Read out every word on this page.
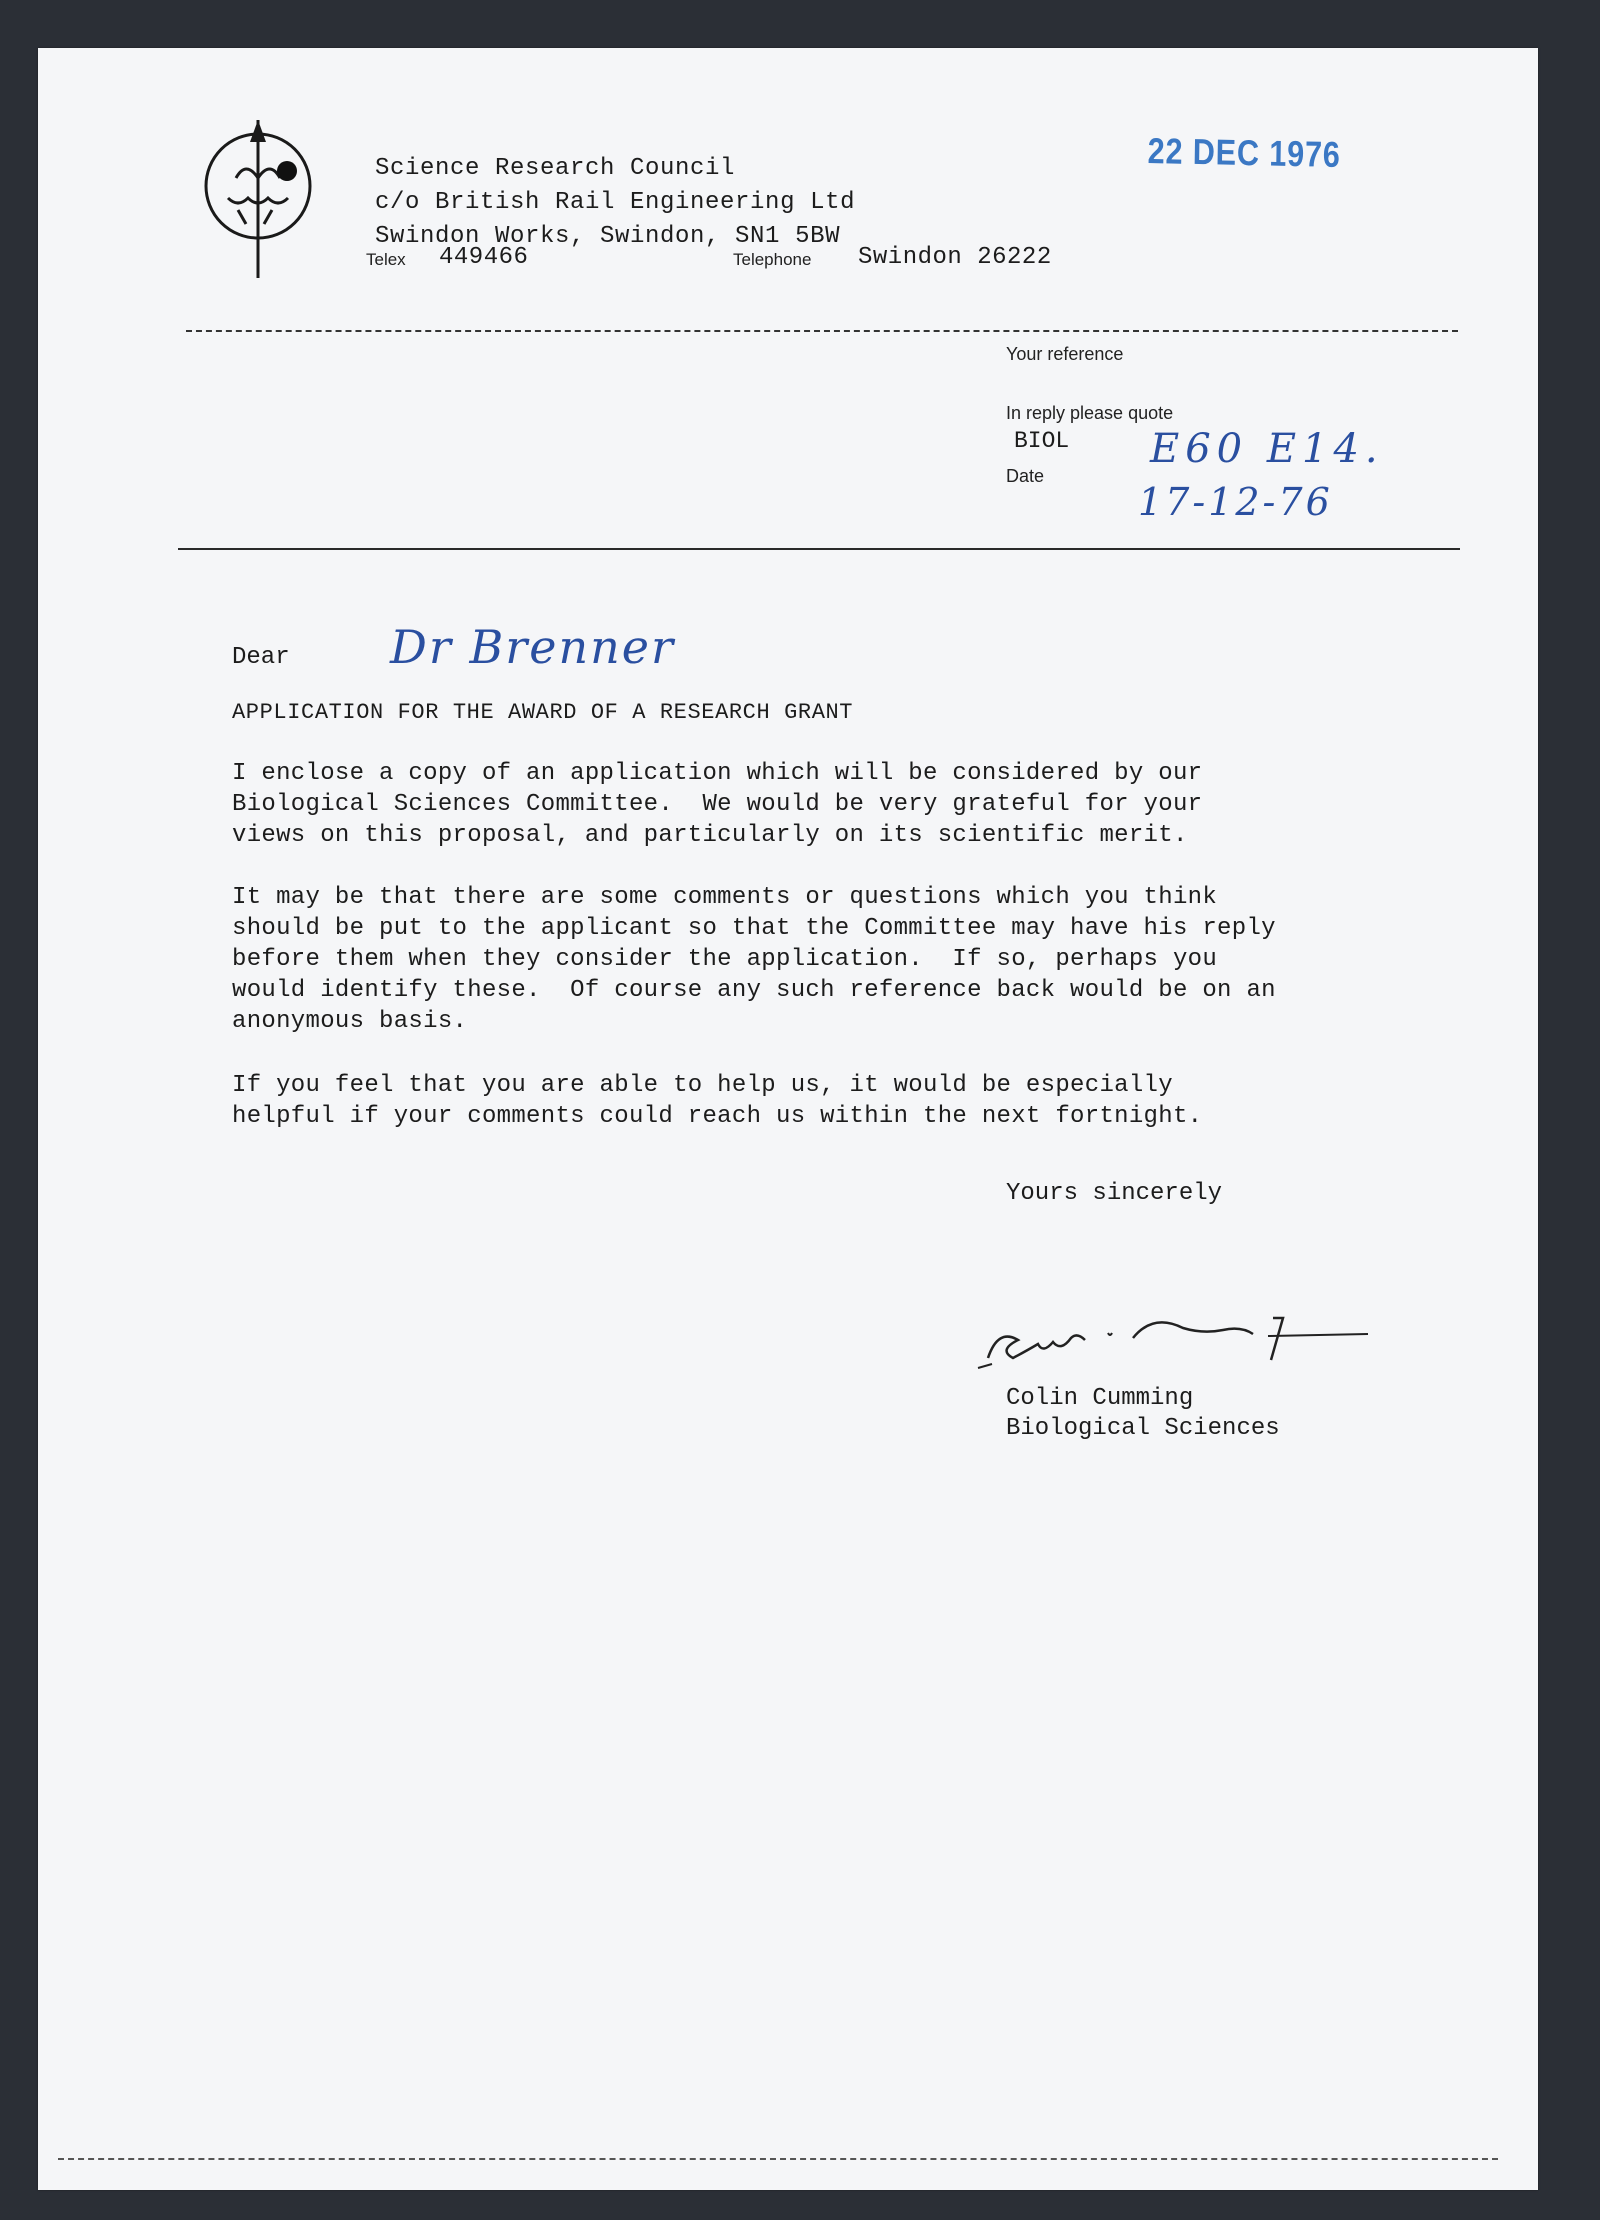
Science Research Council
c/o British Rail Engineering Ltd
Swindon Works, Swindon, SN1 5BW
Telex 449466	Telephone Swindon 26222
22 DEC 1976
Your reference
In reply please quote
BIOL E60 E14.
Date
17-12-76
Dear Dr Brenner
APPLICATION FOR THE AWARD OF A RESEARCH GRANT
I enclose a copy of an application which will be considered by our
Biological Sciences Committee.  We would be very grateful for your
views on this proposal, and particularly on its scientific merit.
It may be that there are some comments or questions which you think
should be put to the applicant so that the Committee may have his reply
before them when they consider the application.  If so, perhaps you
would identify these.  Of course any such reference back would be on an
anonymous basis.
If you feel that you are able to help us, it would be especially
helpful if your comments could reach us within the next fortnight.
Yours sincerely
Colin Cumming
Biological Sciences
